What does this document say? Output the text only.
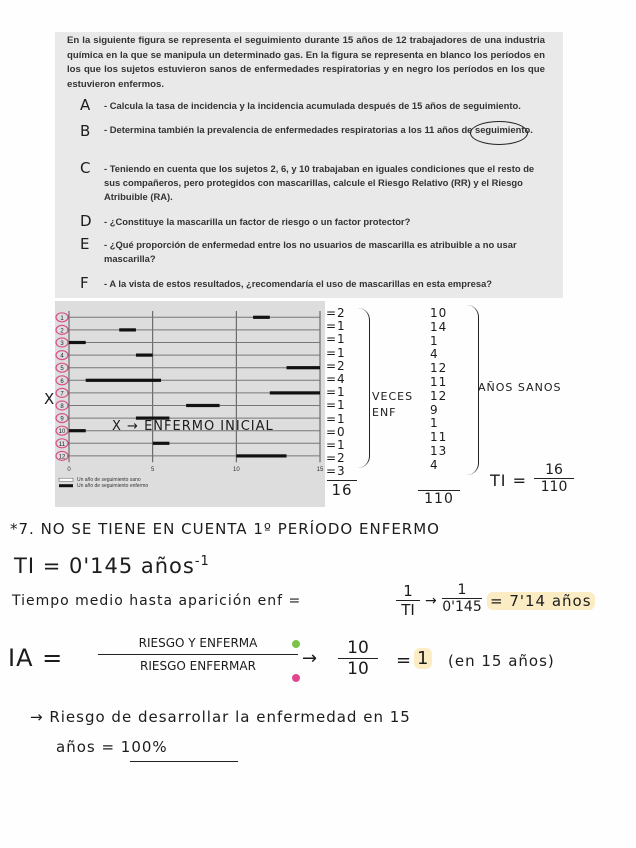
En la siguiente figura se representa el seguimiento durante 15 años de 12 trabajadores de una industria química en la que se manipula un determinado gas. En la figura se representa en blanco los períodos en los que los sujetos estuvieron sanos de enfermedades respiratorias y en negro los períodos en los que estuvieron enfermos.
A - Calcula la tasa de incidencia y la incidencia acumulada después de 15 años de seguimiento.
B - Determina también la prevalencia de enfermedades respiratorias a los 11 años de seguimiento.
C - Teniendo en cuenta que los sujetos 2, 6, y 10 trabajaban en iguales condiciones que el resto de sus compañeros, pero protegidos con mascarillas, calcule el Riesgo Relativo (RR) y el Riesgo Atribuible (RA).
D - ¿Constituye la mascarilla un factor de riesgo o un factor protector?
E - ¿Qué proporción de enfermedad entre los no usuarios de mascarilla es atribuible a no usar mascarilla?
F - A la vista de estos resultados, ¿recomendaría el uso de mascarillas en esta empresa?
1
2
3
4
5
6
7
8
9
10
11
12
0	5	10	15
Un año de seguimiento sano
Un año de seguimiento enfermo
=2
=1
=1
=1
=2
=4
=1
=1
=1
=0
=1
=2
=3
16
VECES ENF
10
14
1
4
12
11
12
9
1
11
13
4
110
AÑOS SANOS
X
X → ENFERMO INICIAL
TI = $\frac{16}{110}$
*7. NO SE TIENE EN CUENTA 1º PERÍODO ENFERMO
TI = 0'145 años$^{-1}$
Tiempo medio hasta aparición enf =	$\frac{1}{TI} \to \frac{1}{0'145} = 7'14$ años
IA =
RIESGO Y ENFERMA
RIESGO ENFERMAR	→ $\frac{10}{10} = 1$ (en 15 años)
→ Riesgo de desarrollar la enfermedad en 15
años = 100%
